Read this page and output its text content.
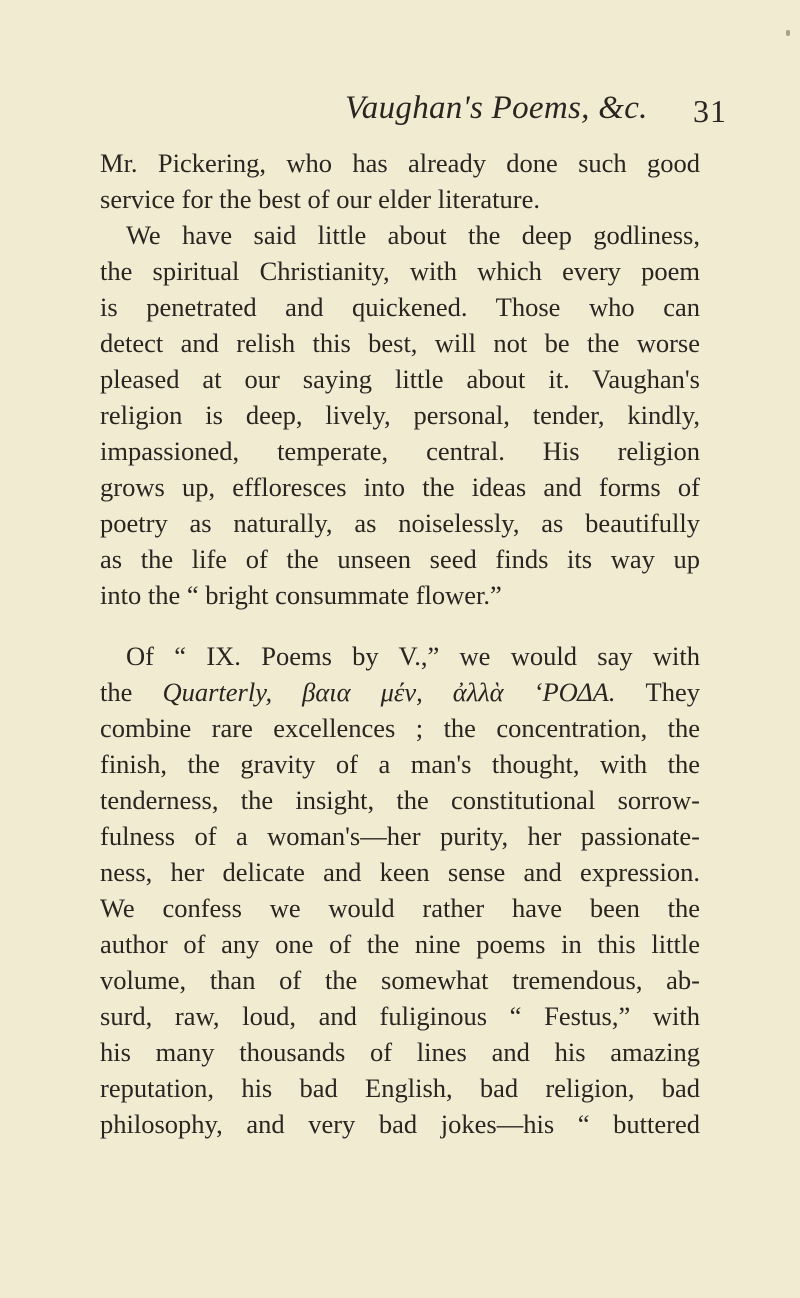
Vaughan's Poems, &c. 31
Mr. Pickering, who has already done such good
service for the best of our elder literature.
We have said little about the deep godliness,
the spiritual Christianity, with which every poem
is penetrated and quickened. Those who can
detect and relish this best, will not be the worse
pleased at our saying little about it. Vaughan's
religion is deep, lively, personal, tender, kindly,
impassioned, temperate, central. His religion
grows up, effloresces into the ideas and forms of
poetry as naturally, as noiselessly, as beautifully
as the life of the unseen seed finds its way up
into the “ bright consummate flower.”
Of “ IX. Poems by V.,” we would say with
the Quarterly, βαια μέν, ἀλλὰ ‘ΡΟΔΑ. They
combine rare excellences ; the concentration, the
finish, the gravity of a man's thought, with the
tenderness, the insight, the constitutional sorrow-
fulness of a woman's—her purity, her passionate-
ness, her delicate and keen sense and expression.
We confess we would rather have been the
author of any one of the nine poems in this little
volume, than of the somewhat tremendous, ab-
surd, raw, loud, and fuliginous “ Festus,” with
his many thousands of lines and his amazing
reputation, his bad English, bad religion, bad
philosophy, and very bad jokes—his “ buttered
